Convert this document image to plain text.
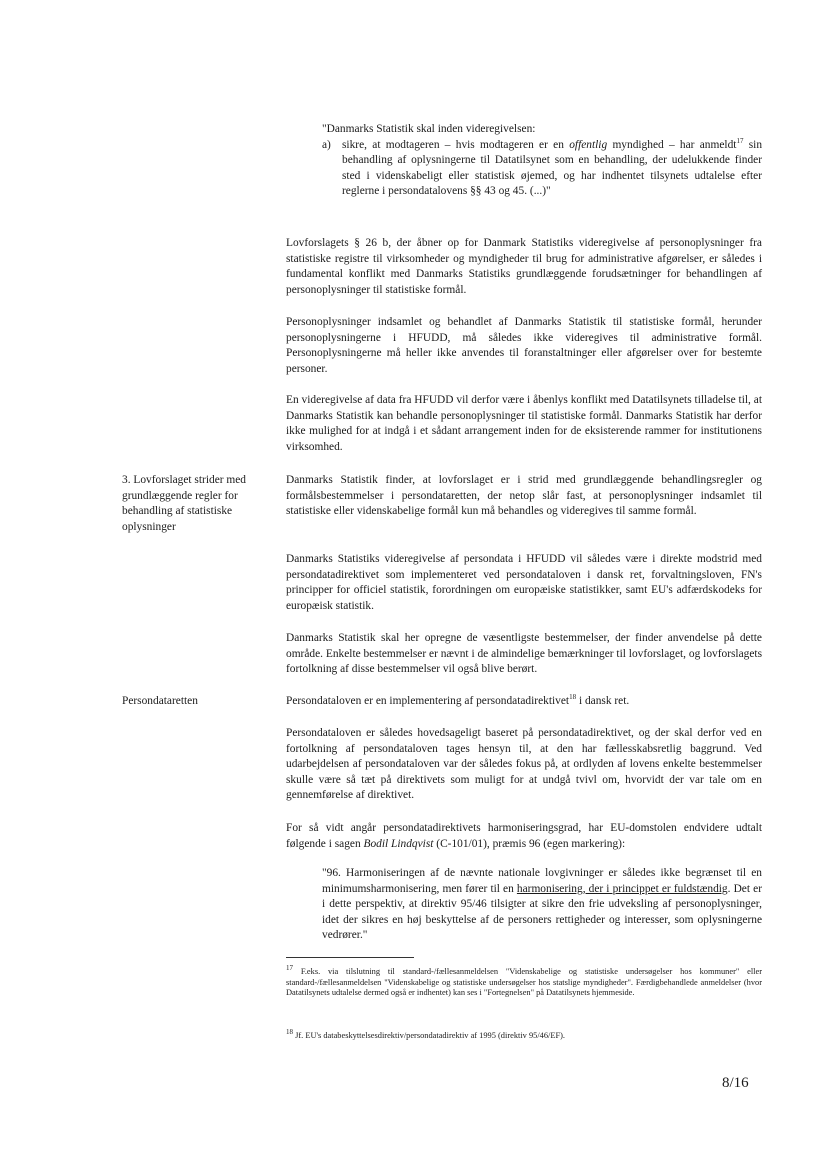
"Danmarks Statistik skal inden videregivelsen:

a) sikre, at modtageren – hvis modtageren er en offentlig myndighed – har anmeldt$^{17}$ sin behandling af oplysningerne til Datatilsynet som en behandling, der udelukkende finder sted i videnskabeligt eller statistisk øjemed, og har indhentet tilsynets udtalelse efter reglerne i persondatalovens §§ 43 og 45. (...)"

Lovforslagets § 26 b, der åbner op for Danmark Statistiks videregivelse af personoplysninger fra statistiske registre til virksomheder og myndigheder til brug for administrative afgørelser, er således i fundamental konflikt med Danmarks Statistiks grundlæggende forudsætninger for behandlingen af personoplysninger til statistiske formål.

Personoplysninger indsamlet og behandlet af Danmarks Statistik til statistiske formål, herunder personoplysningerne i HFUDD, må således ikke videregives til administrative formål. Personoplysningerne må heller ikke anvendes til foranstaltninger eller afgørelser over for bestemte personer.

En videregivelse af data fra HFUDD vil derfor være i åbenlys konflikt med Datatilsynets tilladelse til, at Danmarks Statistik kan behandle personoplysninger til statistiske formål. Danmarks Statistik har derfor ikke mulighed for at indgå i et sådant arrangement inden for de eksisterende rammer for institutionens virksomhed.

3. Lovforslaget strider med grundlæggende regler for behandling af statistiske oplysninger

Danmarks Statistik finder, at lovforslaget er i strid med grundlæggende behandlingsregler og formålsbestemmelser i persondataretten, der netop slår fast, at personoplysninger indsamlet til statistiske eller videnskabelige formål kun må behandles og videregives til samme formål.

Danmarks Statistiks videregivelse af persondata i HFUDD vil således være i direkte modstrid med persondatadirektivet som implementeret ved persondataloven i dansk ret, forvaltningsloven, FN's principper for officiel statistik, forordningen om europæiske statistikker, samt EU's adfærdskodeks for europæisk statistik.

Danmarks Statistik skal her opregne de væsentligste bestemmelser, der finder anvendelse på dette område. Enkelte bestemmelser er nævnt i de almindelige bemærkninger til lovforslaget, og lovforslagets fortolkning af disse bestemmelser vil også blive berørt.

Persondataretten	Persondataloven er en implementering af persondatadirektivet$^{18}$ i dansk ret.

Persondataloven er således hovedsageligt baseret på persondatadirektivet, og der skal derfor ved en fortolkning af persondataloven tages hensyn til, at den har fællesskabsretlig baggrund. Ved udarbejdelsen af persondataloven var der således fokus på, at ordlyden af lovens enkelte bestemmelser skulle være så tæt på direktivets som muligt for at undgå tvivl om, hvorvidt der var tale om en gennemførelse af direktivet.

For så vidt angår persondatadirektivets harmoniseringsgrad, har EU-domstolen endvidere udtalt følgende i sagen Bodil Lindqvist (C-101/01), præmis 96 (egen markering):

"96. Harmoniseringen af de nævnte nationale lovgivninger er således ikke begrænset til en minimumsharmonisering, men fører til en harmonisering, der i princippet er fuldstændig. Det er i dette perspektiv, at direktiv 95/46 tilsigter at sikre den frie udveksling af personoplysninger, idet der sikres en høj beskyttelse af de personers rettigheder og interesser, som oplysningerne vedrører."

$^{17}$ F.eks. via tilslutning til standard-/fællesanmeldelsen "Videnskabelige og statistiske undersøgelser hos kommuner" eller standard-/fællesanmeldelsen "Videnskabelige og statistiske undersøgelser hos statslige myndigheder". Færdigbehandlede anmeldelser (hvor Datatilsynets udtalelse dermed også er indhentet) kan ses i "Fortegnelsen" på Datatilsynets hjemmeside.

$^{18}$ Jf. EU's databeskyttelsesdirektiv/persondatadirektiv af 1995 (direktiv 95/46/EF).

8/16
